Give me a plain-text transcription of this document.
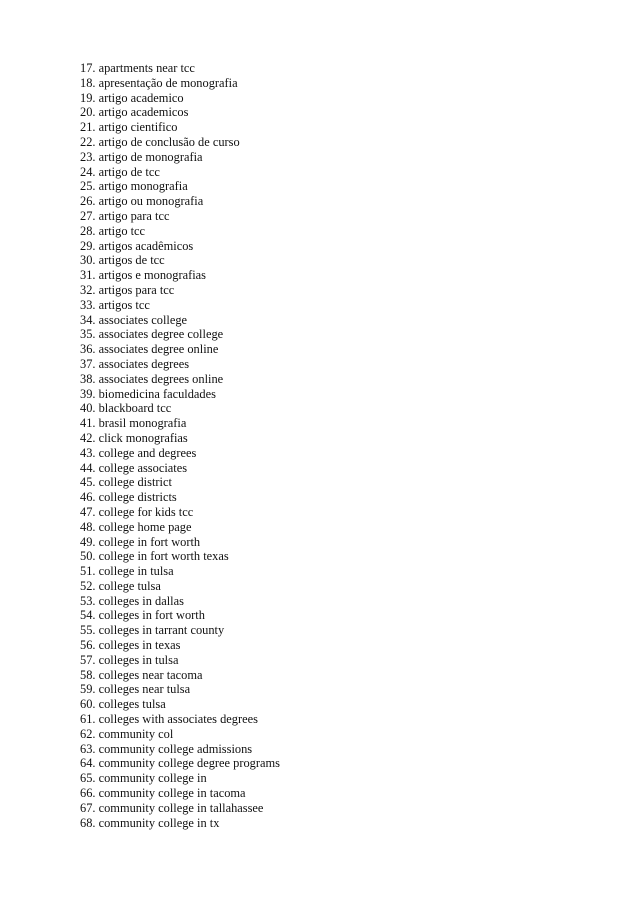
17. apartments near tcc
18. apresentação de monografia
19. artigo academico
20. artigo academicos
21. artigo cientifico
22. artigo de conclusão de curso
23. artigo de monografia
24. artigo de tcc
25. artigo monografia
26. artigo ou monografia
27. artigo para tcc
28. artigo tcc
29. artigos acadêmicos
30. artigos de tcc
31. artigos e monografias
32. artigos para tcc
33. artigos tcc
34. associates college
35. associates degree college
36. associates degree online
37. associates degrees
38. associates degrees online
39. biomedicina faculdades
40. blackboard tcc
41. brasil monografia
42. click monografias
43. college and degrees
44. college associates
45. college district
46. college districts
47. college for kids tcc
48. college home page
49. college in fort worth
50. college in fort worth texas
51. college in tulsa
52. college tulsa
53. colleges in dallas
54. colleges in fort worth
55. colleges in tarrant county
56. colleges in texas
57. colleges in tulsa
58. colleges near tacoma
59. colleges near tulsa
60. colleges tulsa
61. colleges with associates degrees
62. community col
63. community college admissions
64. community college degree programs
65. community college in
66. community college in tacoma
67. community college in tallahassee
68. community college in tx
